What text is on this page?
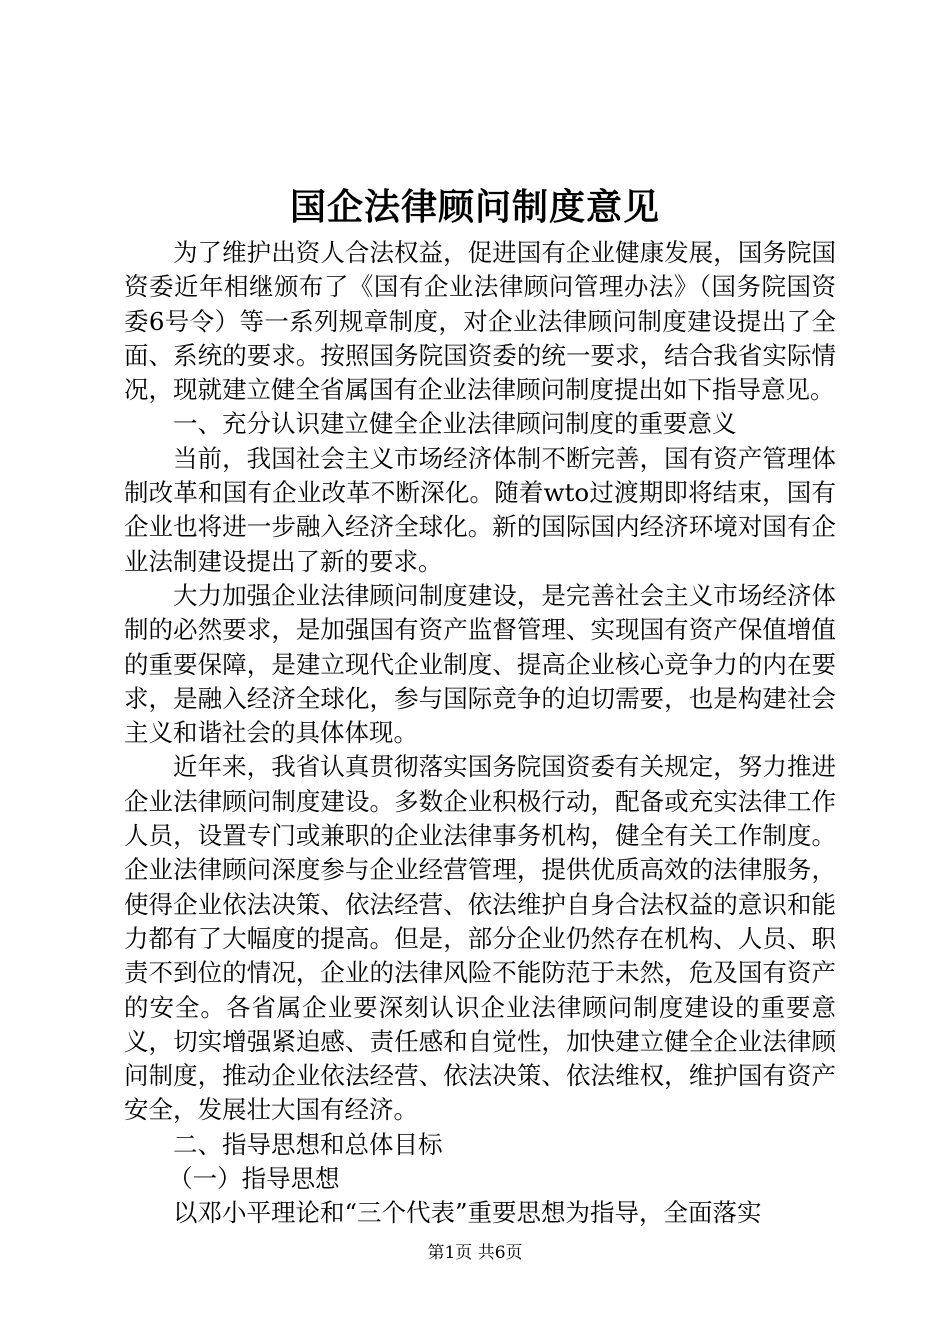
国企法律顾问制度意见

为了维护出资人合法权益，促进国有企业健康发展，国务院国资委近年相继颁布了《国有企业法律顾问管理办法》（国务院国资委6号令）等一系列规章制度，对企业法律顾问制度建设提出了全面、系统的要求。按照国务院国资委的统一要求，结合我省实际情况，现就建立健全省属国有企业法律顾问制度提出如下指导意见。

一、充分认识建立健全企业法律顾问制度的重要意义

当前，我国社会主义市场经济体制不断完善，国有资产管理体制改革和国有企业改革不断深化。随着wto过渡期即将结束，国有企业也将进一步融入经济全球化。新的国际国内经济环境对国有企业法制建设提出了新的要求。

大力加强企业法律顾问制度建设，是完善社会主义市场经济体制的必然要求，是加强国有资产监督管理、实现国有资产保值增值的重要保障，是建立现代企业制度、提高企业核心竞争力的内在要求，是融入经济全球化，参与国际竞争的迫切需要，也是构建社会主义和谐社会的具体体现。

近年来，我省认真贯彻落实国务院国资委有关规定，努力推进企业法律顾问制度建设。多数企业积极行动，配备或充实法律工作人员，设置专门或兼职的企业法律事务机构，健全有关工作制度。企业法律顾问深度参与企业经营管理，提供优质高效的法律服务，使得企业依法决策、依法经营、依法维护自身合法权益的意识和能力都有了大幅度的提高。但是，部分企业仍然存在机构、人员、职责不到位的情况，企业的法律风险不能防范于未然，危及国有资产的安全。各省属企业要深刻认识企业法律顾问制度建设的重要意义，切实增强紧迫感、责任感和自觉性，加快建立健全企业法律顾问制度，推动企业依法经营、依法决策、依法维权，维护国有资产安全，发展壮大国有经济。

二、指导思想和总体目标

（一）指导思想

以邓小平理论和“三个代表”重要思想为指导，全面落实

第1页 共6页
